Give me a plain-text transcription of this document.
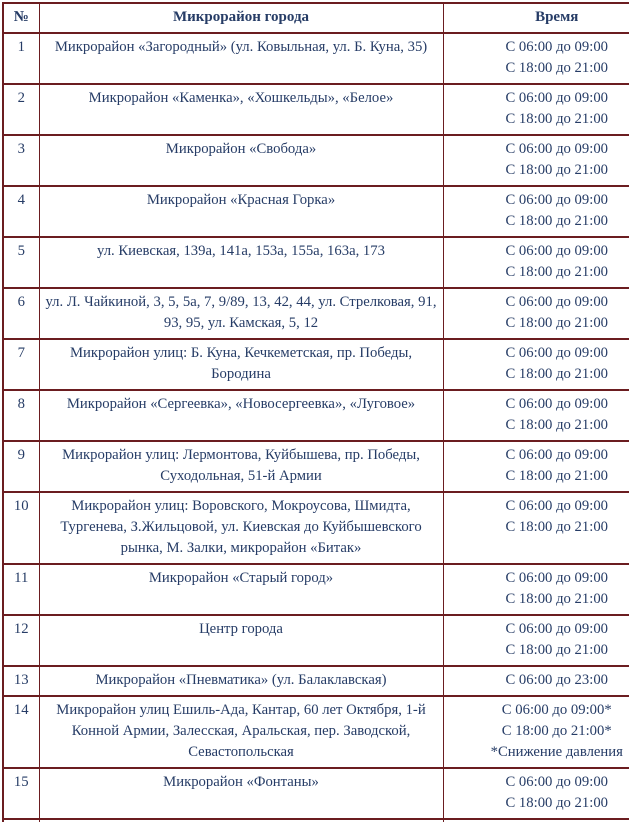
№	Микрорайон города	Время
1	Микрорайон «Загородный» (ул. Ковыльная, ул. Б. Куна, 35)	С 06:00 до 09:00
С 18:00 до 21:00

2	Микрорайон «Каменка», «Хошкельды», «Белое»	С 06:00 до 09:00
С 18:00 до 21:00

3	Микрорайон «Свобода»	С 06:00 до 09:00
С 18:00 до 21:00

4	Микрорайон «Красная Горка»	С 06:00 до 09:00
С 18:00 до 21:00

5	ул. Киевская, 139а, 141а, 153а, 155а, 163а, 173	С 06:00 до 09:00
С 18:00 до 21:00

6	ул. Л. Чайкиной, 3, 5, 5а, 7, 9/89, 13, 42, 44, ул. Стрелковая, 91, 93, 95, ул. Камская, 5, 12	С 06:00 до 09:00
С 18:00 до 21:00

7	Микрорайон улиц: Б. Куна, Кечкеметская, пр. Победы, Бородина	С 06:00 до 09:00
С 18:00 до 21:00

8	Микрорайон «Сергеевка», «Новосергеевка», «Луговое»	С 06:00 до 09:00
С 18:00 до 21:00

9	Микрорайон улиц: Лермонтова, Куйбышева, пр. Победы, Суходольная, 51-й Армии	С 06:00 до 09:00
С 18:00 до 21:00

10	Микрорайон улиц: Воровского, Мокроусова, Шмидта, Тургенева, З.Жильцовой, ул. Киевская до Куйбышевского рынка, М. Залки, микрорайон «Битак»	С 06:00 до 09:00
С 18:00 до 21:00

11	Микрорайон «Старый город»	С 06:00 до 09:00
С 18:00 до 21:00

12	Центр города	С 06:00 до 09:00
С 18:00 до 21:00

13	Микрорайон «Пневматика» (ул. Балаклавская)	С 06:00 до 23:00

14	Микрорайон улиц Ешиль-Ада, Кантар, 60 лет Октября, 1-й Конной Армии, Залесская, Аральская, пер. Заводской, Севастопольская	С 06:00 до 09:00*
С 18:00 до 21:00*
*Снижение давления

15	Микрорайон «Фонтаны»	С 06:00 до 09:00
С 18:00 до 21:00
